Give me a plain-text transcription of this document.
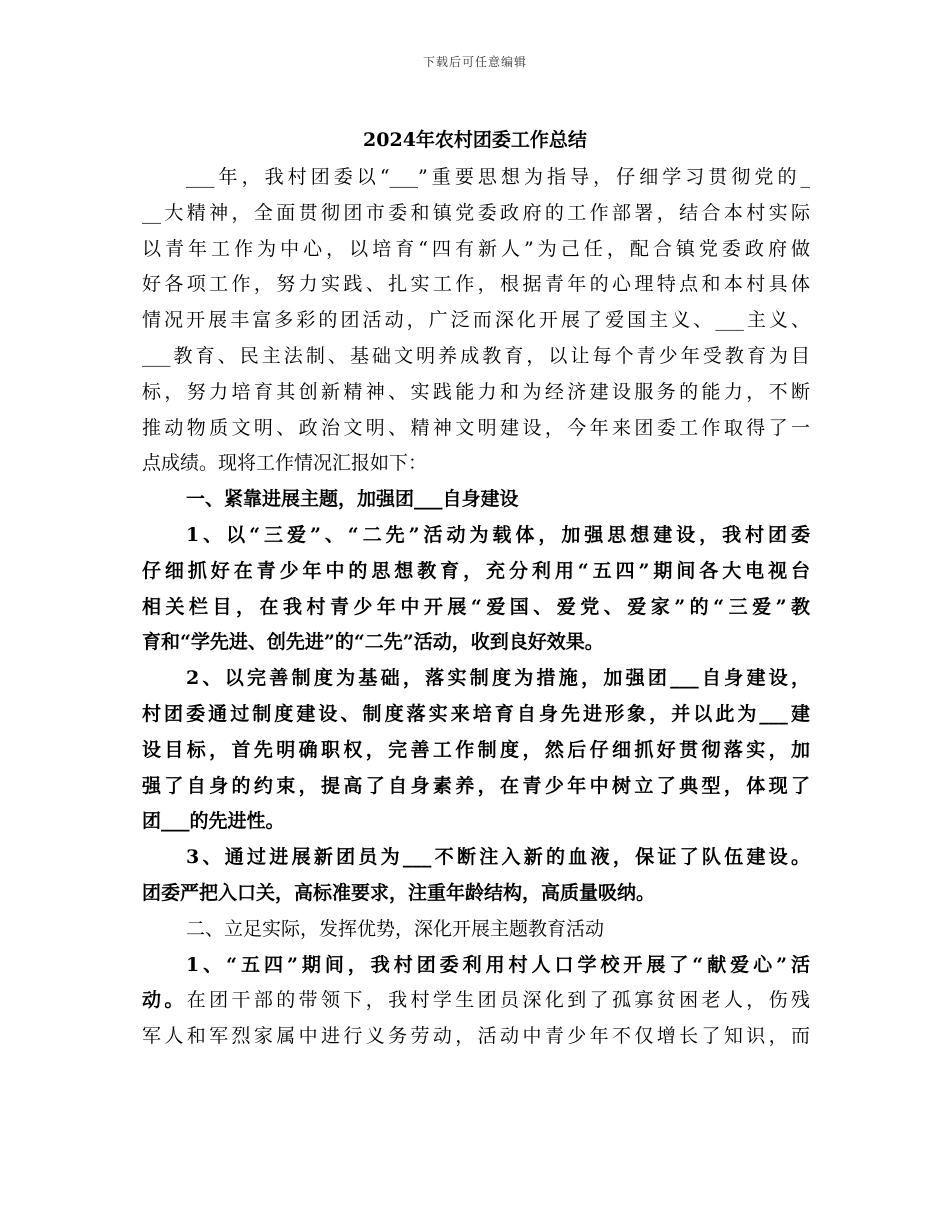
下载后可任意编辑
2024年农村团委工作总结
___年，我村团委以“___”重要思想为指导，仔细学习贯彻党的_
__大精神，全面贯彻团市委和镇党委政府的工作部署，结合本村实际
以青年工作为中心，以培育“四有新人”为己任，配合镇党委政府做
好各项工作，努力实践、扎实工作，根据青年的心理特点和本村具体
情况开展丰富多彩的团活动，广泛而深化开展了爱国主义、___主义、
___教育、民主法制、基础文明养成教育，以让每个青少年受教育为目
标，努力培育其创新精神、实践能力和为经济建设服务的能力，不断
推动物质文明、政治文明、精神文明建设，今年来团委工作取得了一
点成绩。现将工作情况汇报如下：
一、紧靠进展主题，加强团___自身建设
1、以“三爱”、“二先”活动为载体，加强思想建设，我村团委
仔细抓好在青少年中的思想教育，充分利用“五四”期间各大电视台
相关栏目，在我村青少年中开展“爱国、爱党、爱家”的“三爱”教
育和“学先进、创先进”的“二先”活动，收到良好效果。
2、以完善制度为基础，落实制度为措施，加强团___自身建设，
村团委通过制度建设、制度落实来培育自身先进形象，并以此为___建
设目标，首先明确职权，完善工作制度，然后仔细抓好贯彻落实，加
强了自身的约束，提高了自身素养，在青少年中树立了典型，体现了
团___的先进性。
3、通过进展新团员为___不断注入新的血液，保证了队伍建设。
团委严把入口关，高标准要求，注重年龄结构，高质量吸纳。
二、立足实际，发挥优势，深化开展主题教育活动
1、“五四”期间，我村团委利用村人口学校开展了“献爱心”活
动。在团干部的带领下，我村学生团员深化到了孤寡贫困老人，伤残
军人和军烈家属中进行义务劳动，活动中青少年不仅增长了知识，而
